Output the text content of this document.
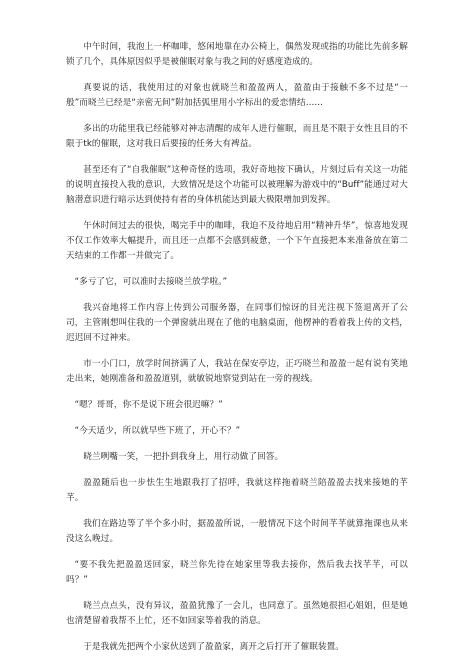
中午时间，我泡上一杯咖啡，悠闲地靠在办公椅上，偶然发现或指的功能比先前多解锁了几个，具体原因似乎是被催眠对象与我之间的好感度造成的。

真要说的话，我使用过的对象也就晓兰和盈盈两人，盈盈由于接触不多不过是“一般”而晓兰已经是“亲密无间”附加括弧里用小字标出的爱恋情结……

多出的功能里我已经能够对神志清醒的成年人进行催眠，而且是不限于女性且目的不限于tk的催眠，这对我日后要接的任务大有裨益。

甚至还有了“自我催眠”这种奇怪的选项，我好奇地按下确认，片刻过后有关这一功能的说明直接投入我的意识，大致情况是这个功能可以被理解为游戏中的“Buff”能通过对大脑潜意识进行暗示达到使持有者的身体机能达到最大极限增加到发挥。

午休时间过去的很快，喝完手中的咖啡，我迫不及待地启用“精神升华”，惊喜地发现不仅工作效率大幅提升，而且还一点都不会感到疲惫，一个下午直接把本来准备放在第二天结束的工作都一并做完了。

“多亏了它，可以准时去接晓兰放学啦。”

我兴奋地将工作内容上传到公司服务器，在同事们惊讶的目光注视下签退离开了公司，主管刚想叫住我的一个弹窗就出现在了他的电脑桌面，他楞神的看着我上传的文档，迟迟回不过神来。

市一小门口，放学时间挤满了人，我站在保安亭边，正巧晓兰和盈盈一起有说有笑地走出来，她刚准备和盈盈道别，就敏锐地察觉到站在一旁的视线。

“嗯？哥哥，你不是说下班会很迟嘛？”

“今天适少，所以就早些下班了，开心不？”

晓兰咧嘴一笑，一把扑到我身上，用行动做了回答。

盈盈随后也一步怯生生地跟我打了招呼，我就这样拖着晓兰陪盈盈去找来接她的芊芊。

我们在路边等了半个多小时，据盈盈所说，一般情况下这个时间芊芊就算拖课也从来没这么晚过。

“要不我先把盈盈送回家，晓兰你先待在她家里等我去接你，然后我去找芊芊，可以吗？”

晓兰点点头，没有异议，盈盈犹豫了一会儿，也同意了。虽然她很担心姐姐，但是她也清楚留着我帮不上忙，还不如回家等着我的消息。

于是我就先把两个小家伙送到了盈盈家，离开之后打开了催眠装置。
